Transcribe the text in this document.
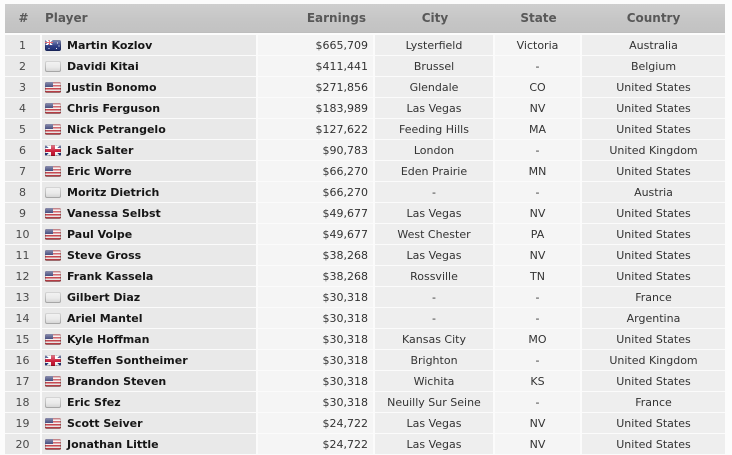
#	Player	Earnings	City	State	Country
1	Martin Kozlov	$665,709	Lysterfield	Victoria	Australia
2	Davidi Kitai	$411,441	Brussel	-	Belgium
3	Justin Bonomo	$271,856	Glendale	CO	United States
4	Chris Ferguson	$183,989	Las Vegas	NV	United States
5	Nick Petrangelo	$127,622	Feeding Hills	MA	United States
6	Jack Salter	$90,783	London	-	United Kingdom
7	Eric Worre	$66,270	Eden Prairie	MN	United States
8	Moritz Dietrich	$66,270	-	-	Austria
9	Vanessa Selbst	$49,677	Las Vegas	NV	United States
10	Paul Volpe	$49,677	West Chester	PA	United States
11	Steve Gross	$38,268	Las Vegas	NV	United States
12	Frank Kassela	$38,268	Rossville	TN	United States
13	Gilbert Diaz	$30,318	-	-	France
14	Ariel Mantel	$30,318	-	-	Argentina
15	Kyle Hoffman	$30,318	Kansas City	MO	United States
16	Steffen Sontheimer	$30,318	Brighton	-	United Kingdom
17	Brandon Steven	$30,318	Wichita	KS	United States
18	Eric Sfez	$30,318	Neuilly Sur Seine	-	France
19	Scott Seiver	$24,722	Las Vegas	NV	United States
20	Jonathan Little	$24,722	Las Vegas	NV	United States
